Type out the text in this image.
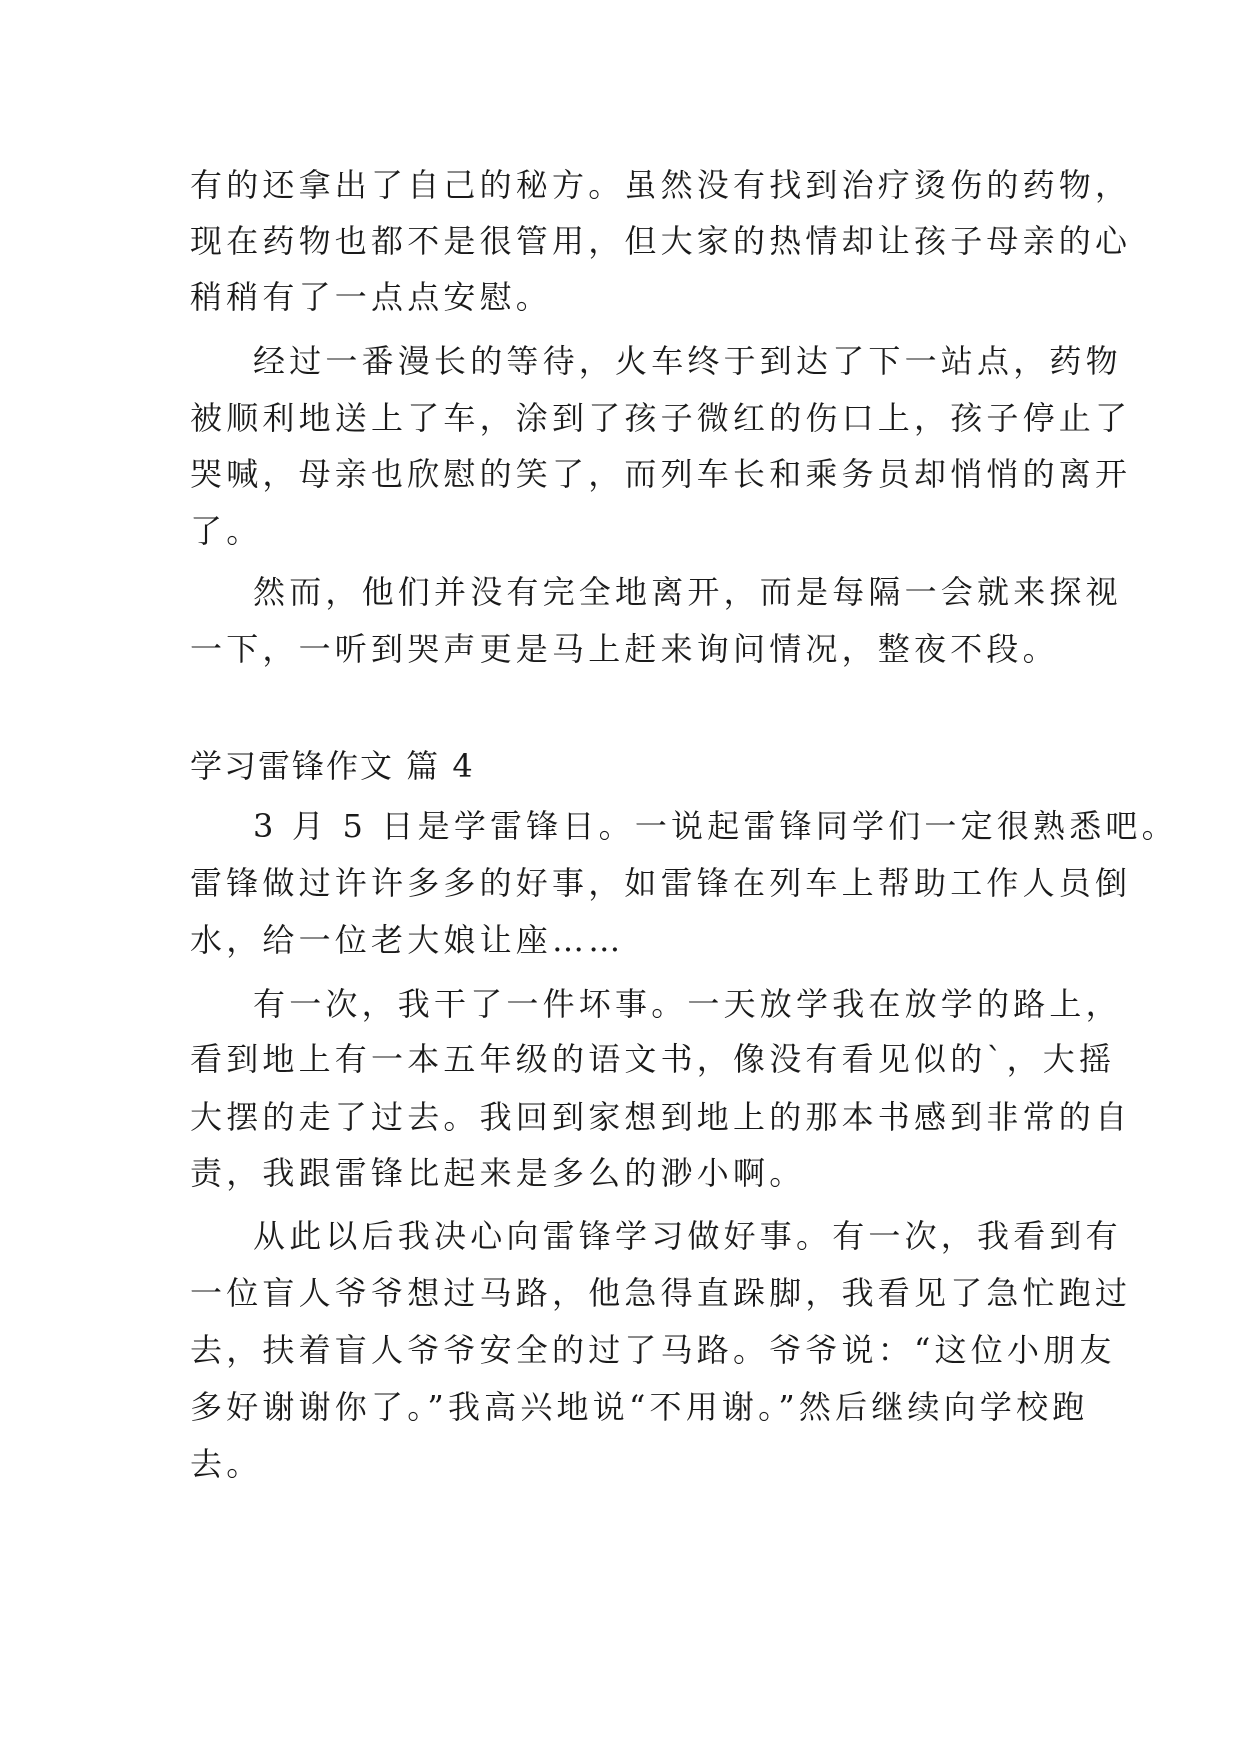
有的还拿出了自己的秘方。虽然没有找到治疗烫伤的药物，
现在药物也都不是很管用，但大家的热情却让孩子母亲的心
稍稍有了一点点安慰。
经过一番漫长的等待，火车终于到达了下一站点，药物
被顺利地送上了车，涂到了孩子微红的伤口上，孩子停止了
哭喊，母亲也欣慰的笑了，而列车长和乘务员却悄悄的离开
了。
然而，他们并没有完全地离开，而是每隔一会就来探视
一下，一听到哭声更是马上赶来询问情况，整夜不段。
学习雷锋作文 篇 4
3 月 5 日是学雷锋日。一说起雷锋同学们一定很熟悉吧。
雷锋做过许许多多的好事，如雷锋在列车上帮助工作人员倒
水，给一位老大娘让座……
有一次，我干了一件坏事。一天放学我在放学的路上，
看到地上有一本五年级的语文书，像没有看见似的`，大摇
大摆的走了过去。我回到家想到地上的那本书感到非常的自
责，我跟雷锋比起来是多么的渺小啊。
从此以后我决心向雷锋学习做好事。有一次，我看到有
一位盲人爷爷想过马路，他急得直跺脚，我看见了急忙跑过
去，扶着盲人爷爷安全的过了马路。爷爷说：“这位小朋友
多好谢谢你了。”我高兴地说“不用谢。”然后继续向学校跑
去。
